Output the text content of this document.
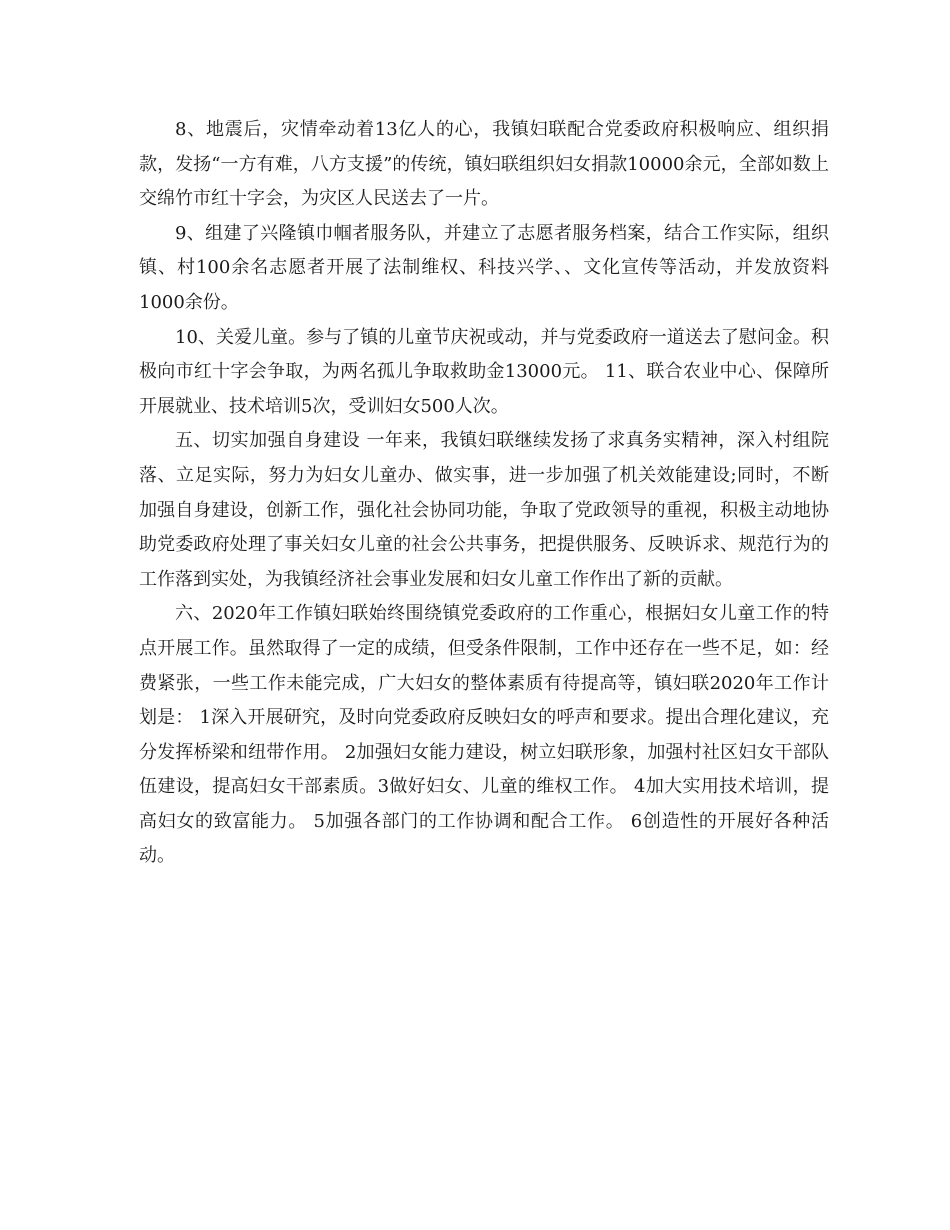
8、地震后，灾情牵动着13亿人的心，我镇妇联配合党委政府积极响应、组织捐款，发扬“一方有难，八方支援”的传统，镇妇联组织妇女捐款10000余元，全部如数上交绵竹市红十字会，为灾区人民送去了一片。

9、组建了兴隆镇巾帼者服务队，并建立了志愿者服务档案，结合工作实际，组织镇、村100余名志愿者开展了法制维权、科技兴学、、文化宣传等活动，并发放资料1000余份。

10、关爱儿童。参与了镇的儿童节庆祝或动，并与党委政府一道送去了慰问金。积极向市红十字会争取，为两名孤儿争取救助金13000元。 11、联合农业中心、保障所开展就业、技术培训5次，受训妇女500人次。

五、切实加强自身建设 一年来，我镇妇联继续发扬了求真务实精神，深入村组院落、立足实际，努力为妇女儿童办、做实事，进一步加强了机关效能建设;同时，不断加强自身建设，创新工作，强化社会协同功能，争取了党政领导的重视，积极主动地协助党委政府处理了事关妇女儿童的社会公共事务，把提供服务、反映诉求、规范行为的工作落到实处，为我镇经济社会事业发展和妇女儿童工作作出了新的贡献。

六、2020年工作镇妇联始终围绕镇党委政府的工作重心，根据妇女儿童工作的特点开展工作。虽然取得了一定的成绩，但受条件限制，工作中还存在一些不足，如：经费紧张，一些工作未能完成，广大妇女的整体素质有待提高等，镇妇联2020年工作计划是： 1深入开展研究，及时向党委政府反映妇女的呼声和要求。提出合理化建议，充分发挥桥梁和纽带作用。 2加强妇女能力建设，树立妇联形象，加强村社区妇女干部队伍建设，提高妇女干部素质。3做好妇女、儿童的维权工作。 4加大实用技术培训，提高妇女的致富能力。 5加强各部门的工作协调和配合工作。 6创造性的开展好各种活动。
